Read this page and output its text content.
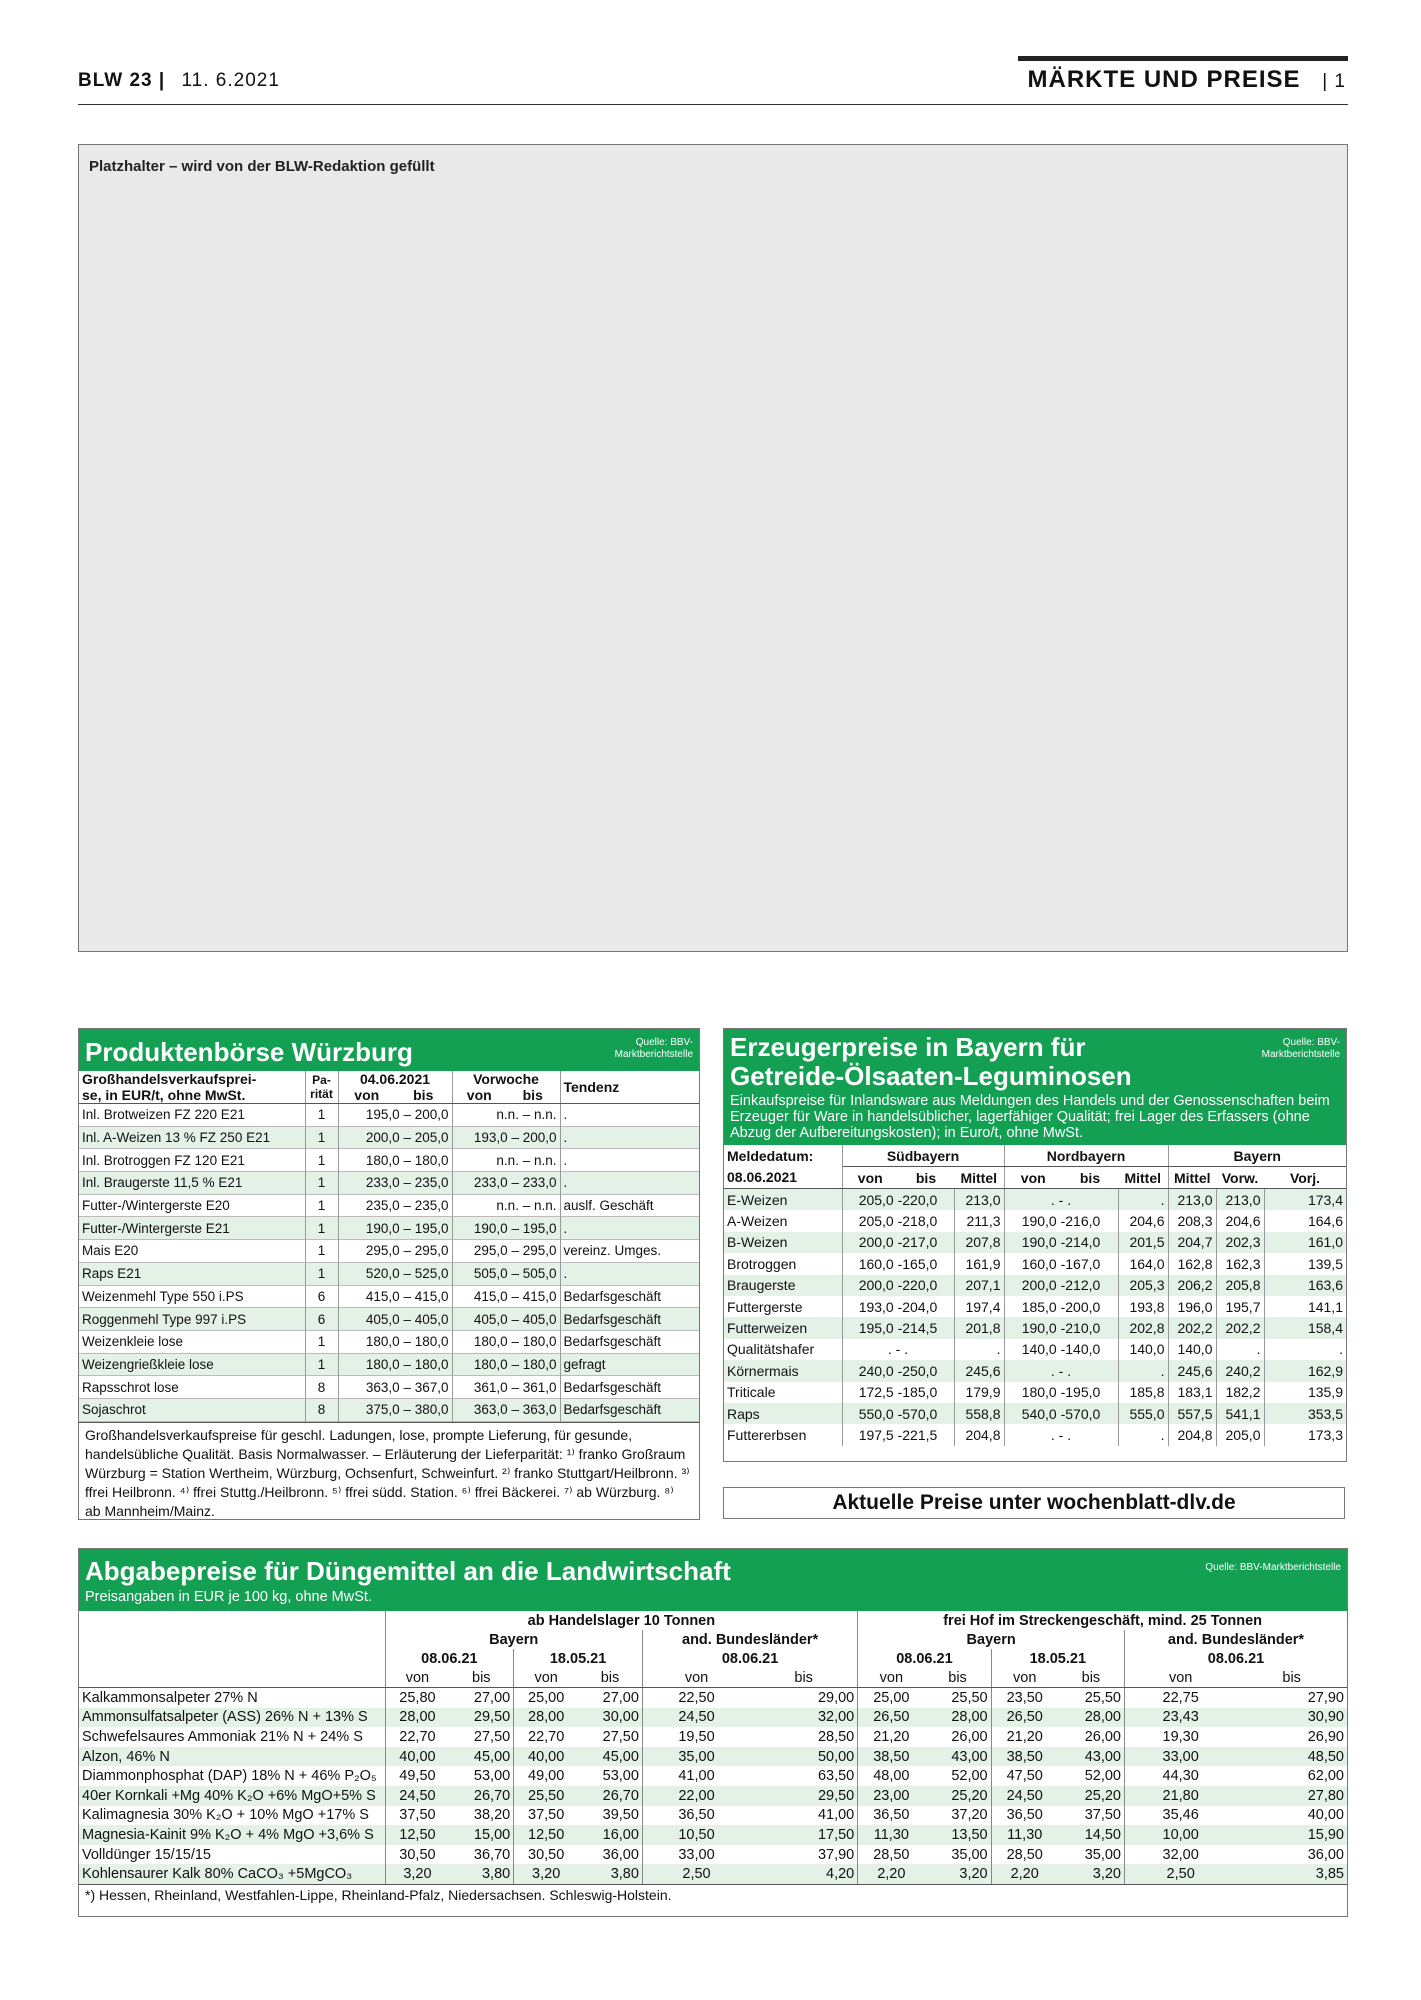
BLW 23 | 11. 6.2021	MÄRKTE UND PREISE | 1
Platzhalter – wird von der BLW-Redaktion gefüllt
Produktenbörse Würzburg	Quelle: BBV-
Marktberichtstelle
Großhandelsverkaufsprei-
se, in EUR/t, ohne MwSt.	Pa-
rität	04.06.2021		Vorwoche		Tendenz
		von	bis	von	bis	
Inl. Brotweizen FZ 220 E21	1	195,0 – 200,0		n.n. – n.n.		.
Inl. A-Weizen 13 % FZ 250 E21	1	200,0 – 205,0		193,0 – 200,0		.
Inl. Brotroggen FZ 120 E21	1	180,0 – 180,0		n.n. – n.n.		.
Inl. Braugerste 11,5 % E21	1	233,0 – 235,0		233,0 – 233,0		.
Futter-/Wintergerste E20	1	235,0 – 235,0		n.n. – n.n.		auslf. Geschäft
Futter-/Wintergerste E21	1	190,0 – 195,0		190,0 – 195,0		.
Mais E20	1	295,0 – 295,0		295,0 – 295,0		vereinz. Umges.
Raps E21	1	520,0 – 525,0		505,0 – 505,0		.
Weizenmehl Type 550 i.PS	6	415,0 – 415,0		415,0 – 415,0		Bedarfsgeschäft
Roggenmehl Type 997 i.PS	6	405,0 – 405,0		405,0 – 405,0		Bedarfsgeschäft
Weizenkleie lose	1	180,0 – 180,0		180,0 – 180,0		Bedarfsgeschäft
Weizengrießkleie lose	1	180,0 – 180,0		180,0 – 180,0		gefragt
Rapsschrot lose	8	363,0 – 367,0		361,0 – 361,0		Bedarfsgeschäft
Sojaschrot	8	375,0 – 380,0		363,0 – 363,0		Bedarfsgeschäft
Großhandelsverkaufspreise für geschl. Ladungen, lose, prompte Lieferung, für gesunde, handelsübliche Qualität. Basis Normalwasser. – Erläuterung der Lieferparität: ¹⁾ franko Großraum Würzburg = Station Wertheim, Würzburg, Ochsenfurt, Schweinfurt. ²⁾ franko Stuttgart/Heilbronn. ³⁾ ffrei Heilbronn. ⁴⁾ ffrei Stuttg./Heilbronn. ⁵⁾ ffrei südd. Station. ⁶⁾ ffrei Bäckerei. ⁷⁾ ab Würzburg. ⁸⁾ ab Mannheim/Mainz.
Erzeugerpreise in Bayern für
Getreide-Ölsaaten-Leguminosen
Quelle: BBV-
Marktberichtstelle
Einkaufspreise für Inlandsware aus Meldungen des Handels und der Genossenschaften beim Erzeuger für Ware in handelsüblicher, lagerfähiger Qualität; frei Lager des Erfassers (ohne Abzug der Aufbereitungskosten); in Euro/t, ohne MwSt.
Meldedatum:	Südbayern			Nordbayern			Bayern		
08.06.2021	von	bis	Mittel	von	bis	Mittel	Mittel	Vorw.	Vorj.
E-Weizen	205,0 -220,0		213,0	. - .		.	213,0	213,0	173,4
A-Weizen	205,0 -218,0		211,3	190,0 -216,0		204,6	208,3	204,6	164,6
B-Weizen	200,0 -217,0		207,8	190,0 -214,0		201,5	204,7	202,3	161,0
Brotroggen	160,0 -165,0		161,9	160,0 -167,0		164,0	162,8	162,3	139,5
Braugerste	200,0 -220,0		207,1	200,0 -212,0		205,3	206,2	205,8	163,6
Futtergerste	193,0 -204,0		197,4	185,0 -200,0		193,8	196,0	195,7	141,1
Futterweizen	195,0 -214,5		201,8	190,0 -210,0		202,8	202,2	202,2	158,4
Qualitätshafer	. - .		.	140,0 -140,0		140,0	140,0	.	.
Körnermais	240,0 -250,0		245,6	. - .		.	245,6	240,2	162,9
Triticale	172,5 -185,0		179,9	180,0 -195,0		185,8	183,1	182,2	135,9
Raps	550,0 -570,0		558,8	540,0 -570,0		555,0	557,5	541,1	353,5
Futtererbsen	197,5 -221,5		204,8	. - .		.	204,8	205,0	173,3
Aktuelle Preise unter wochenblatt-dlv.de
Abgabepreise für Düngemittel an die Landwirtschaft
Preisangaben in EUR je 100 kg, ohne MwSt.
Quelle: BBV-Marktberichtstelle
	ab Handelslager 10 Tonnen						frei Hof im Streckengeschäft, mind. 25 Tonnen					
	Bayern				and. Bundesländer*		Bayern				and. Bundesländer*	
	08.06.21		18.05.21		08.06.21		08.06.21		18.05.21		08.06.21	
	von	bis	von	bis	von	bis	von	bis	von	bis	von	bis
Kalkammonsalpeter 27% N	25,80	27,00	25,00	27,00	22,50	29,00	25,00	25,50	23,50	25,50	22,75	27,90
Ammonsulfatsalpeter (ASS) 26% N + 13% S	28,00	29,50	28,00	30,00	24,50	32,00	26,50	28,00	26,50	28,00	23,43	30,90
Schwefelsaures Ammoniak 21% N + 24% S	22,70	27,50	22,70	27,50	19,50	28,50	21,20	26,00	21,20	26,00	19,30	26,90
Alzon, 46% N	40,00	45,00	40,00	45,00	35,00	50,00	38,50	43,00	38,50	43,00	33,00	48,50
Diammonphosphat (DAP) 18% N + 46% P₂O₅	49,50	53,00	49,00	53,00	41,00	63,50	48,00	52,00	47,50	52,00	44,30	62,00
40er Kornkali +Mg 40% K₂O +6% MgO+5% S	24,50	26,70	25,50	26,70	22,00	29,50	23,00	25,20	24,50	25,20	21,80	27,80
Kalimagnesia 30% K₂O + 10% MgO +17% S	37,50	38,20	37,50	39,50	36,50	41,00	36,50	37,20	36,50	37,50	35,46	40,00
Magnesia-Kainit 9% K₂O + 4% MgO +3,6% S	12,50	15,00	12,50	16,00	10,50	17,50	11,30	13,50	11,30	14,50	10,00	15,90
Volldünger 15/15/15	30,50	36,70	30,50	36,00	33,00	37,90	28,50	35,00	28,50	35,00	32,00	36,00
Kohlensaurer Kalk 80% CaCO₃ +5MgCO₃	3,20	3,80	3,20	3,80	2,50	4,20	2,20	3,20	2,20	3,20	2,50	3,85
*) Hessen, Rheinland, Westfahlen-Lippe, Rheinland-Pfalz, Niedersachsen. Schleswig-Holstein.
